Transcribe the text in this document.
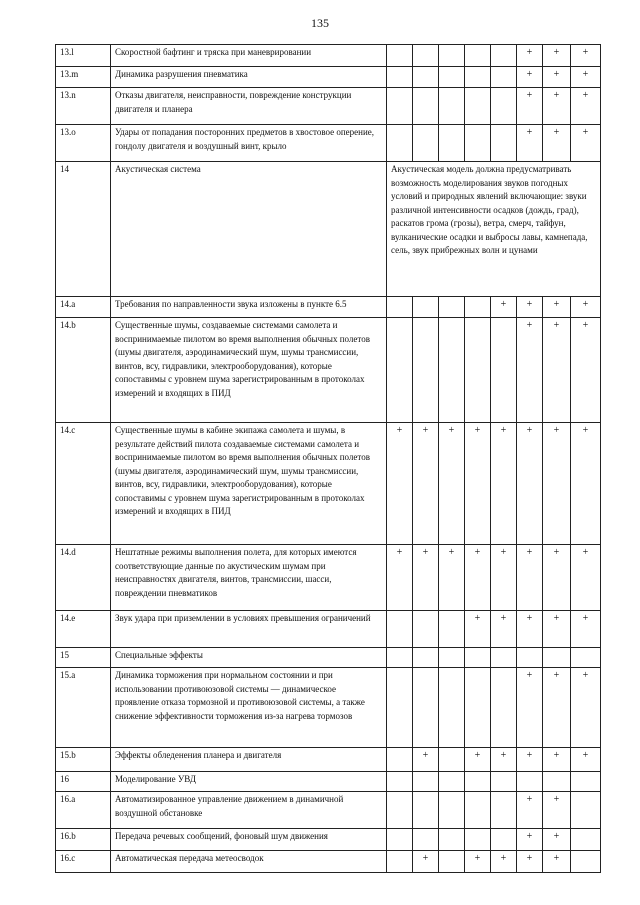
135
13.l	Скоростной бафтинг и тряска при маневрировании						+	+	+
13.m	Динамика разрушения пневматика						+	+	+
13.n	Отказы двигателя, неисправности, повреждение конструкции двигателя и планера						+	+	+
13.o	Удары от попадания посторонних предметов в хвостовое оперение, гондолу двигателя и воздушный винт, крыло						+	+	+
14	Акустическая система	Акустическая модель должна предусматривать возможность моделирования звуков погодных условий и природных явлений включающие: звуки различной интенсивности осадков (дождь, град), раскатов грома (грозы), ветра, смерч, тайфун, вулканические осадки и выбросы лавы, камнепада, сель, звук прибрежных волн и цунами							
14.a	Требования по направленности звука изложены в пункте 6.5					+	+	+	+
14.b	Существенные шумы, создаваемые системами самолета и воспринимаемые пилотом во время выполнения обычных полетов (шумы двигателя, аэродинамический шум, шумы трансмиссии, винтов, всу, гидравлики, электрооборудования), которые сопоставимы с уровнем шума зарегистрированным в протоколах измерений и входящих в ПИД						+	+	+
14.c	Существенные шумы в кабине экипажа самолета и шумы, в результате действий пилота создаваемые системами самолета и воспринимаемые пилотом во время выполнения обычных полетов (шумы двигателя, аэродинамический шум, шумы трансмиссии, винтов, всу, гидравлики, электрооборудования), которые сопоставимы с уровнем шума зарегистрированным в протоколах измерений и входящих в ПИД	+	+	+	+	+	+	+	+
14.d	Нештатные режимы выполнения полета, для которых имеются соответствующие данные по акустическим шумам при неисправностях двигателя, винтов, трансмиссии, шасси, повреждении пневматиков	+	+	+	+	+	+	+	+
14.e	Звук удара при приземлении в условиях превышения ограничений				+	+	+	+	+
15	Специальные эффекты								
15.a	Динамика торможения при нормальном состоянии и при использовании противоюзовой системы — динамическое проявление отказа тормозной и противоюзовой системы, а также снижение эффективности торможения из-за нагрева тормозов						+	+	+
15.b	Эффекты обледенения планера и двигателя		+		+	+	+	+	+
16	Моделирование УВД								
16.a	Автоматизированное управление движением в динамичной воздушной обстановке						+	+	
16.b	Передача речевых сообщений, фоновый шум движения						+	+	
16.c	Автоматическая передача метеосводок		+		+	+	+	+	
